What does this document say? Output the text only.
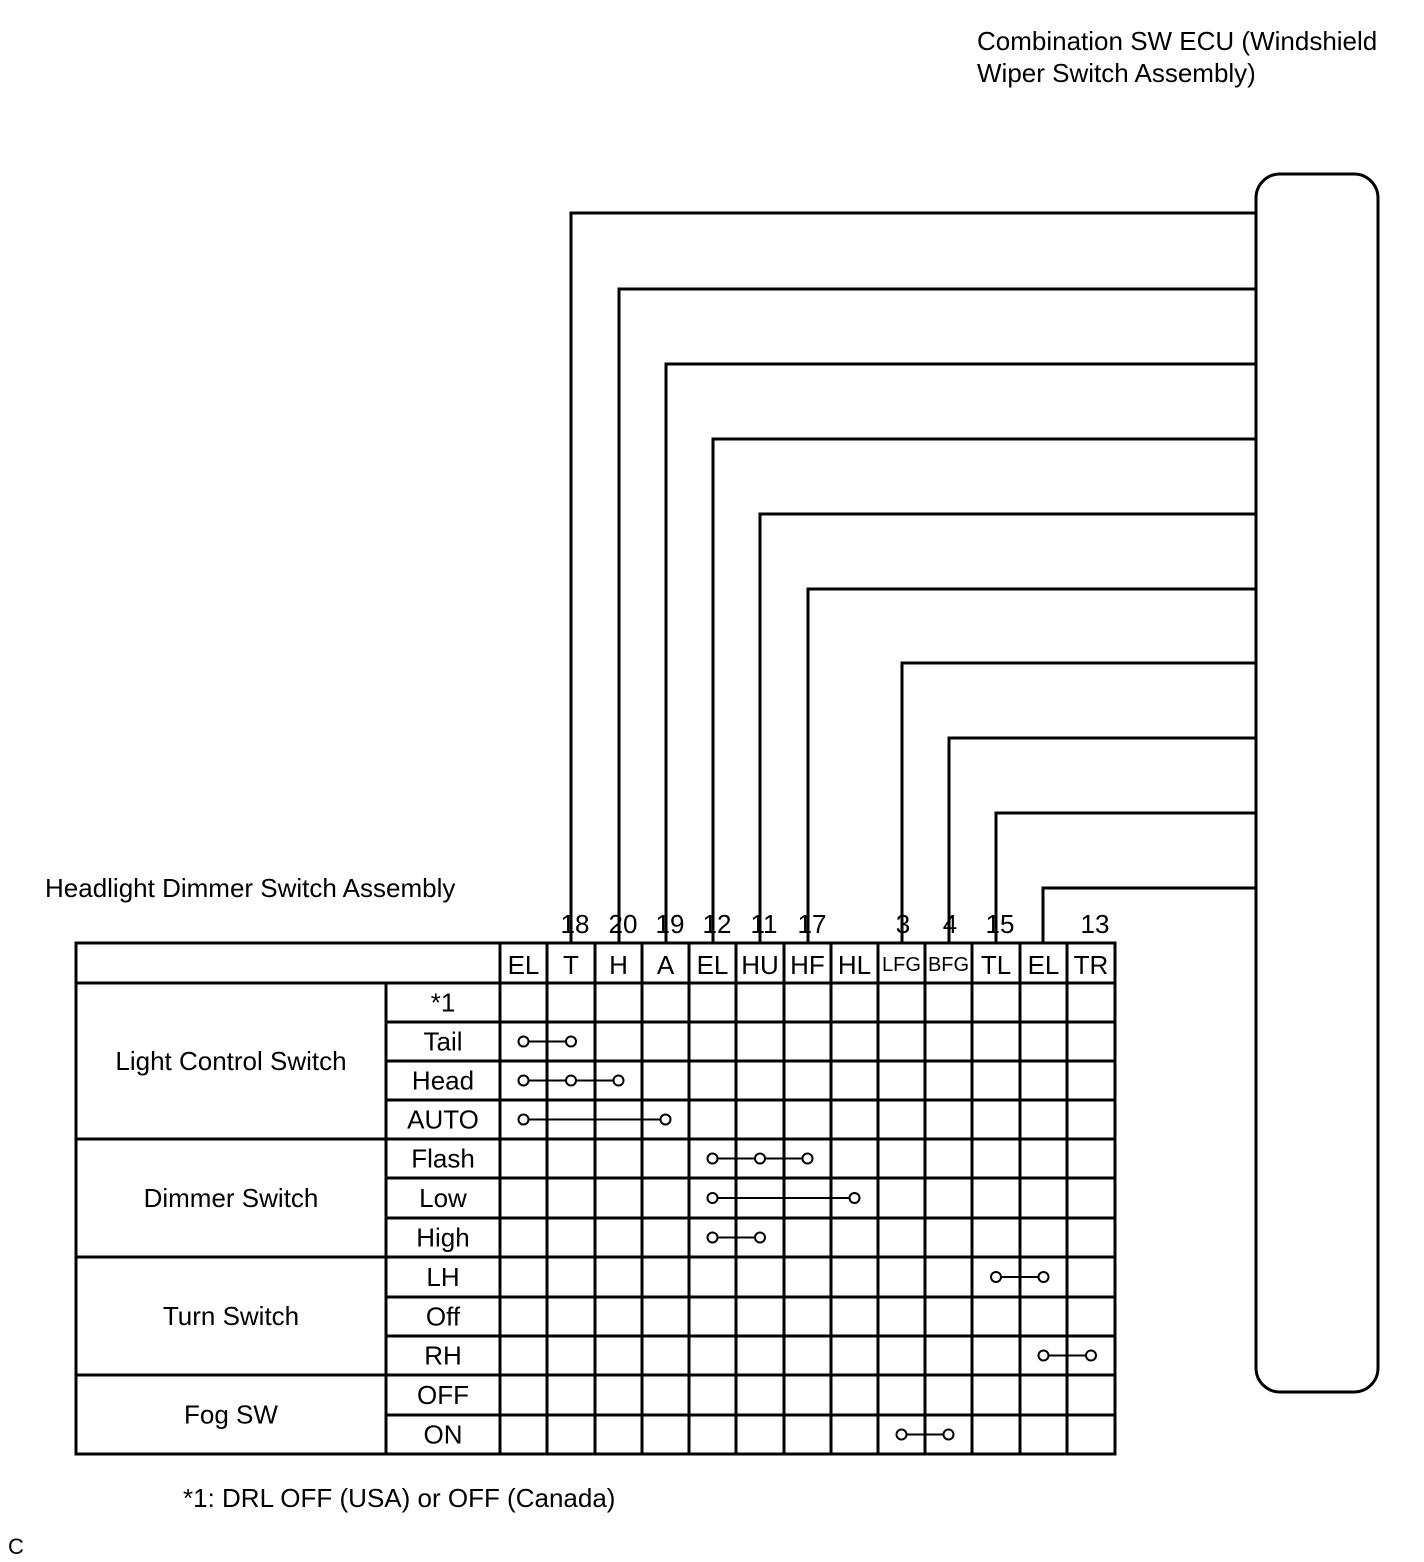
Combination SW ECU (Windshield
Wiper Switch Assembly)
Headlight Dimmer Switch Assembly
EL T H A EL HU HF HL LFG BFG TL EL TR
18 20 19 12 11 17	3 4 15	13
Light Control Switch
*1
Tail
Head
AUTO
Dimmer Switch
Flash
Low
High
Turn Switch
LH
Off
RH
Fog SW
OFF
ON
*1: DRL OFF (USA) or OFF (Canada)
C
